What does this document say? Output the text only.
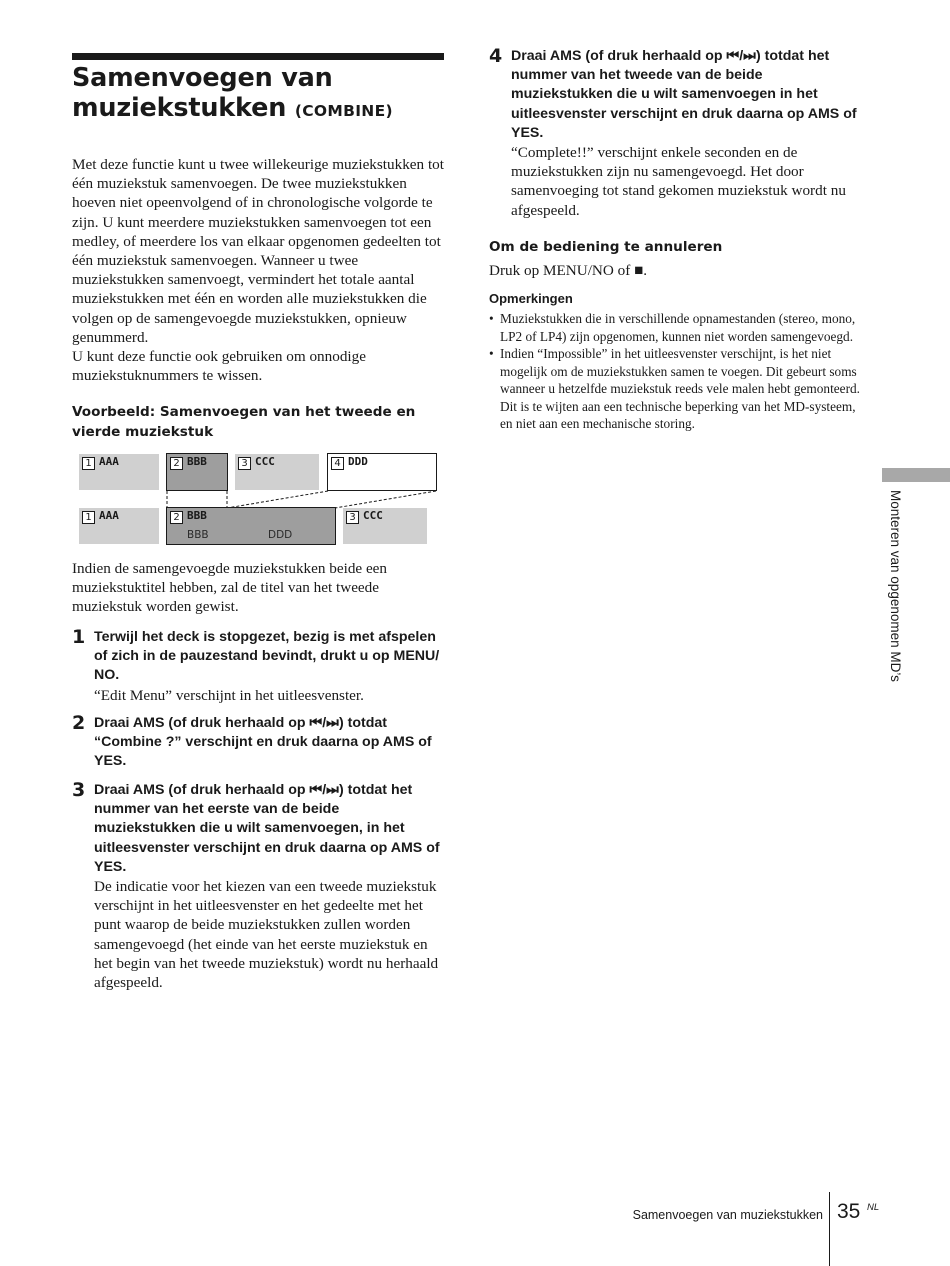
Samenvoegen van muziekstukken (COMBINE)

Met deze functie kunt u twee willekeurige muziekstukken tot één muziekstuk samenvoegen. De twee muziekstukken hoeven niet opeenvolgend of in chronologische volgorde te zijn. U kunt meerdere muziekstukken samenvoegen tot een medley, of meerdere los van elkaar opgenomen gedeelten tot één muziekstuk samenvoegen. Wanneer u twee muziekstukken samenvoegt, vermindert het totale aantal muziekstukken met één en worden alle muziekstukken die volgen op de samengevoegde muziekstukken, opnieuw genummerd.

U kunt deze functie ook gebruiken om onnodige muziekstuknummers te wissen.

Voorbeeld: Samenvoegen van het tweede en vierde muziekstuk
1 AAA	2 BBB	3 CCC	4 DDD
1 AAA	2 BBB
BBB	DDD
3 CCC

Indien de samengevoegde muziekstukken beide een muziekstuktitel hebben, zal de titel van het tweede muziekstuk worden gewist.

1 Terwijl het deck is stopgezet, bezig is met afspelen of zich in de pauzestand bevindt, drukt u op MENU/ NO.

“Edit Menu” verschijnt in het uitleesvenster.

2 Draai AMS (of druk herhaald op ⏮/⏭) totdat “Combine ?” verschijnt en druk daarna op AMS of YES.

3 Draai AMS (of druk herhaald op ⏮/⏭) totdat het nummer van het eerste van de beide muziekstukken die u wilt samenvoegen, in het uitleesvenster verschijnt en druk daarna op AMS of YES.

De indicatie voor het kiezen van een tweede muziekstuk verschijnt in het uitleesvenster en het gedeelte met het punt waarop de beide muziekstukken zullen worden samengevoegd (het einde van het eerste muziekstuk en het begin van het tweede muziekstuk) wordt nu herhaald afgespeeld.

4 Draai AMS (of druk herhaald op ⏮/⏭) totdat het nummer van het tweede van de beide muziekstukken die u wilt samenvoegen in het uitleesvenster verschijnt en druk daarna op AMS of YES.

“Complete!!” verschijnt enkele seconden en de muziekstukken zijn nu samengevoegd. Het door samenvoeging tot stand gekomen muziekstuk wordt nu afgespeeld.

Om de bediening te annuleren

Druk op MENU/NO of ■.

Opmerkingen
• Muziekstukken die in verschillende opnamestanden (stereo, mono, LP2 of LP4) zijn opgenomen, kunnen niet worden samengevoegd.
• Indien “Impossible” in het uitleesvenster verschijnt, is het niet mogelijk om de muziekstukken samen te voegen. Dit gebeurt soms wanneer u hetzelfde muziekstuk reeds vele malen hebt gemonteerd. Dit is te wijten aan een technische beperking van het MD-systeem, en niet aan een mechanische storing.
Monteren van opgenomen MD’s
Samenvoegen van muziekstukken 35 NL
